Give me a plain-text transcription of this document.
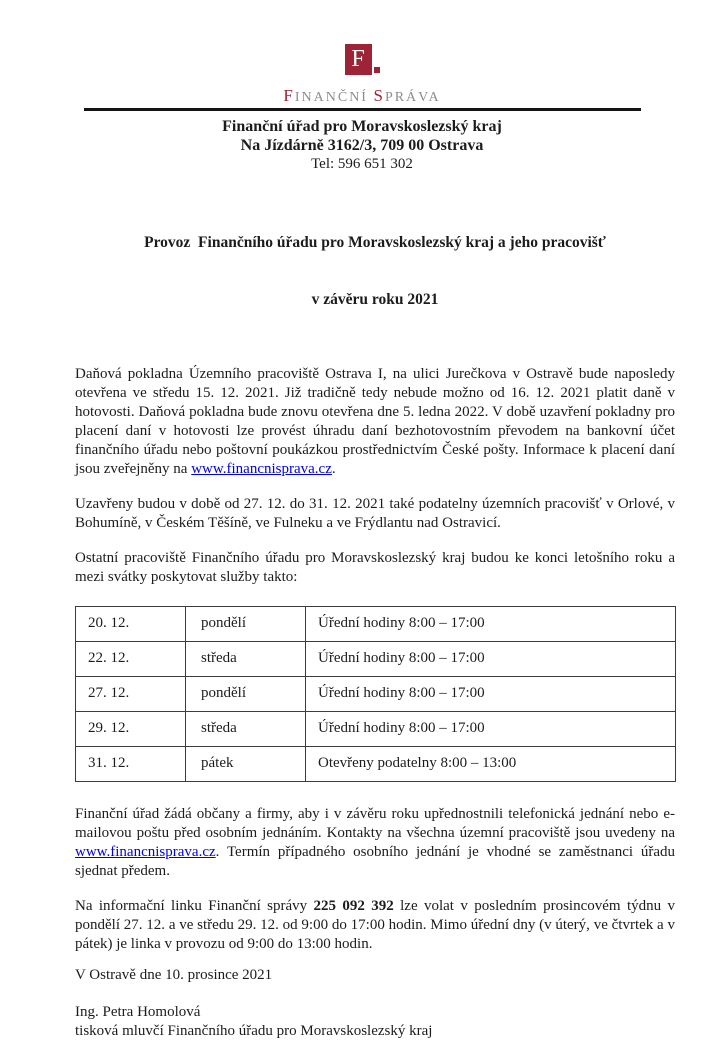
F
FINANČNÍ SPRÁVA
Finanční úřad pro Moravskoslezský kraj
Na Jízdárně 3162/3, 709 00 Ostrava
Tel: 596 651 302

Provoz  Finančního úřadu pro Moravskoslezský kraj a jeho pracovišť

v závěru roku 2021

Daňová pokladna Územního pracoviště Ostrava I, na ulici Jurečkova v Ostravě bude naposledy otevřena ve středu 15. 12. 2021. Již tradičně tedy nebude možno od 16. 12. 2021 platit daně v hotovosti. Daňová pokladna bude znovu otevřena dne 5. ledna 2022. V době uzavření pokladny pro placení daní v hotovosti lze provést úhradu daní bezhotovostním převodem na bankovní účet finančního úřadu nebo poštovní poukázkou prostřednictvím České pošty. Informace k placení daní jsou zveřejněny na www.financnisprava.cz.

Uzavřeny budou v době od 27. 12. do 31. 12. 2021 také podatelny územních pracovišť v Orlové, v Bohumíně, v Českém Těšíně, ve Fulneku a ve Frýdlantu nad Ostravicí.

Ostatní pracoviště Finančního úřadu pro Moravskoslezský kraj budou ke konci letošního roku a mezi svátky poskytovat služby takto:

20. 12.	pondělí	Úřední hodiny 8:00 – 17:00
22. 12.	středa	Úřední hodiny 8:00 – 17:00
27. 12.	pondělí	Úřední hodiny 8:00 – 17:00
29. 12.	středa	Úřední hodiny 8:00 – 17:00
31. 12.	pátek	Otevřeny podatelny 8:00 – 13:00

Finanční úřad žádá občany a firmy, aby i v závěru roku upřednostnili telefonická jednání nebo e-mailovou poštu před osobním jednáním. Kontakty na všechna územní pracoviště jsou uvedeny na www.financnisprava.cz. Termín případného osobního jednání je vhodné se zaměstnanci úřadu sjednat předem.

Na informační linku Finanční správy 225 092 392 lze volat v posledním prosincovém týdnu v pondělí 27. 12. a ve středu 29. 12. od 9:00 do 17:00 hodin. Mimo úřední dny (v úterý, ve čtvrtek a v pátek) je linka v provozu od 9:00 do 13:00 hodin.

V Ostravě dne 10. prosince 2021

Ing. Petra Homolová
tisková mluvčí Finančního úřadu pro Moravskoslezský kraj
